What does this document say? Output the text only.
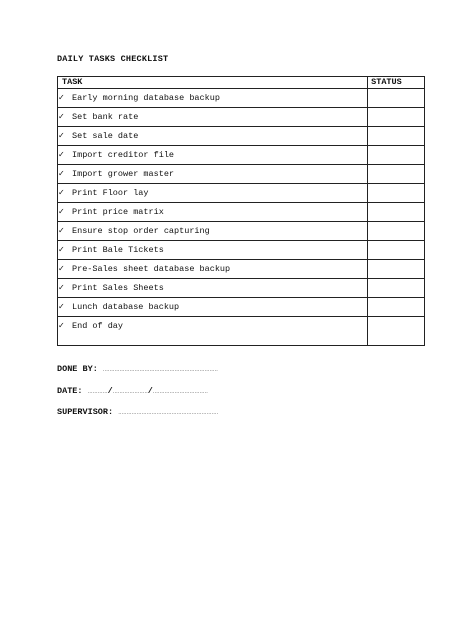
DAILY TASKS CHECKLIST
TASK	STATUS
✓ Early morning database backup	
✓ Set bank rate	
✓ Set sale date	
✓ Import creditor file	
✓ Import grower master	
✓ Print Floor lay	
✓ Print price matrix	
✓ Ensure stop order capturing	
✓ Print Bale Tickets	
✓ Pre-Sales sheet database backup	
✓ Print Sales Sheets	
✓ Lunch database backup	
✓ End of day	
DONE BY: ……………………………………………………………
DATE: …………/…………………/……………………………
SUPERVISOR: ……………………………………………………
